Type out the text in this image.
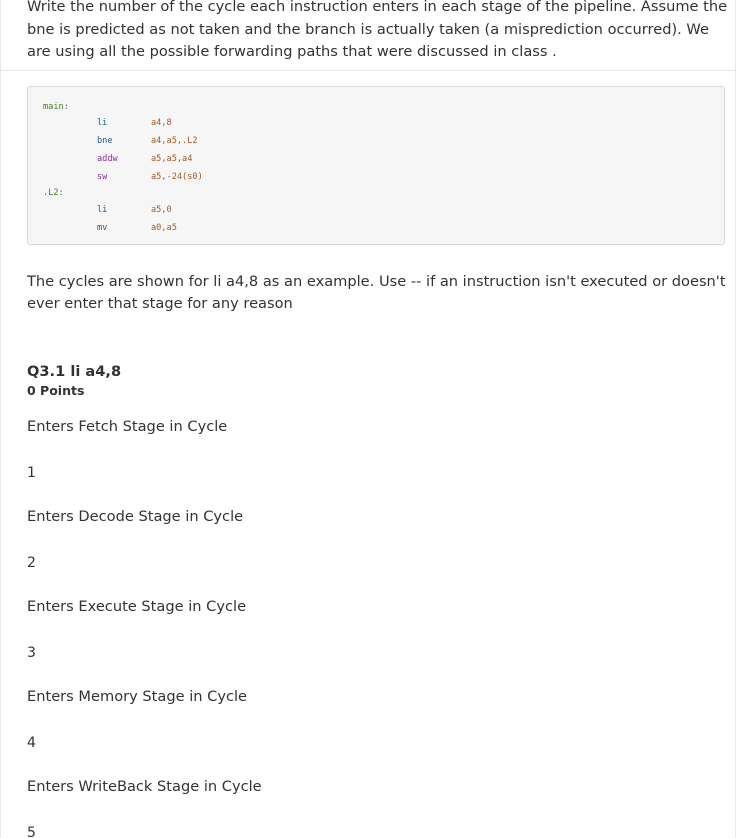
Write the number of the cycle each instruction enters in each stage of the pipeline. Assume the bne is predicted as not taken and the branch is actually taken (a misprediction occurred). We are using all the possible forwarding paths that were discussed in class .
main:
li	a4,8
bne	a4,a5,.L2
addw	a5,a5,a4
sw	a5,-24(s0)
.L2:
li	a5,0
mv	a0,a5
The cycles are shown for li a4,8 as an example. Use -- if an instruction isn't executed or doesn't ever enter that stage for any reason
Q3.1 li a4,8
0 Points
Enters Fetch Stage in Cycle
1
Enters Decode Stage in Cycle
2
Enters Execute Stage in Cycle
3
Enters Memory Stage in Cycle
4
Enters WriteBack Stage in Cycle
5
